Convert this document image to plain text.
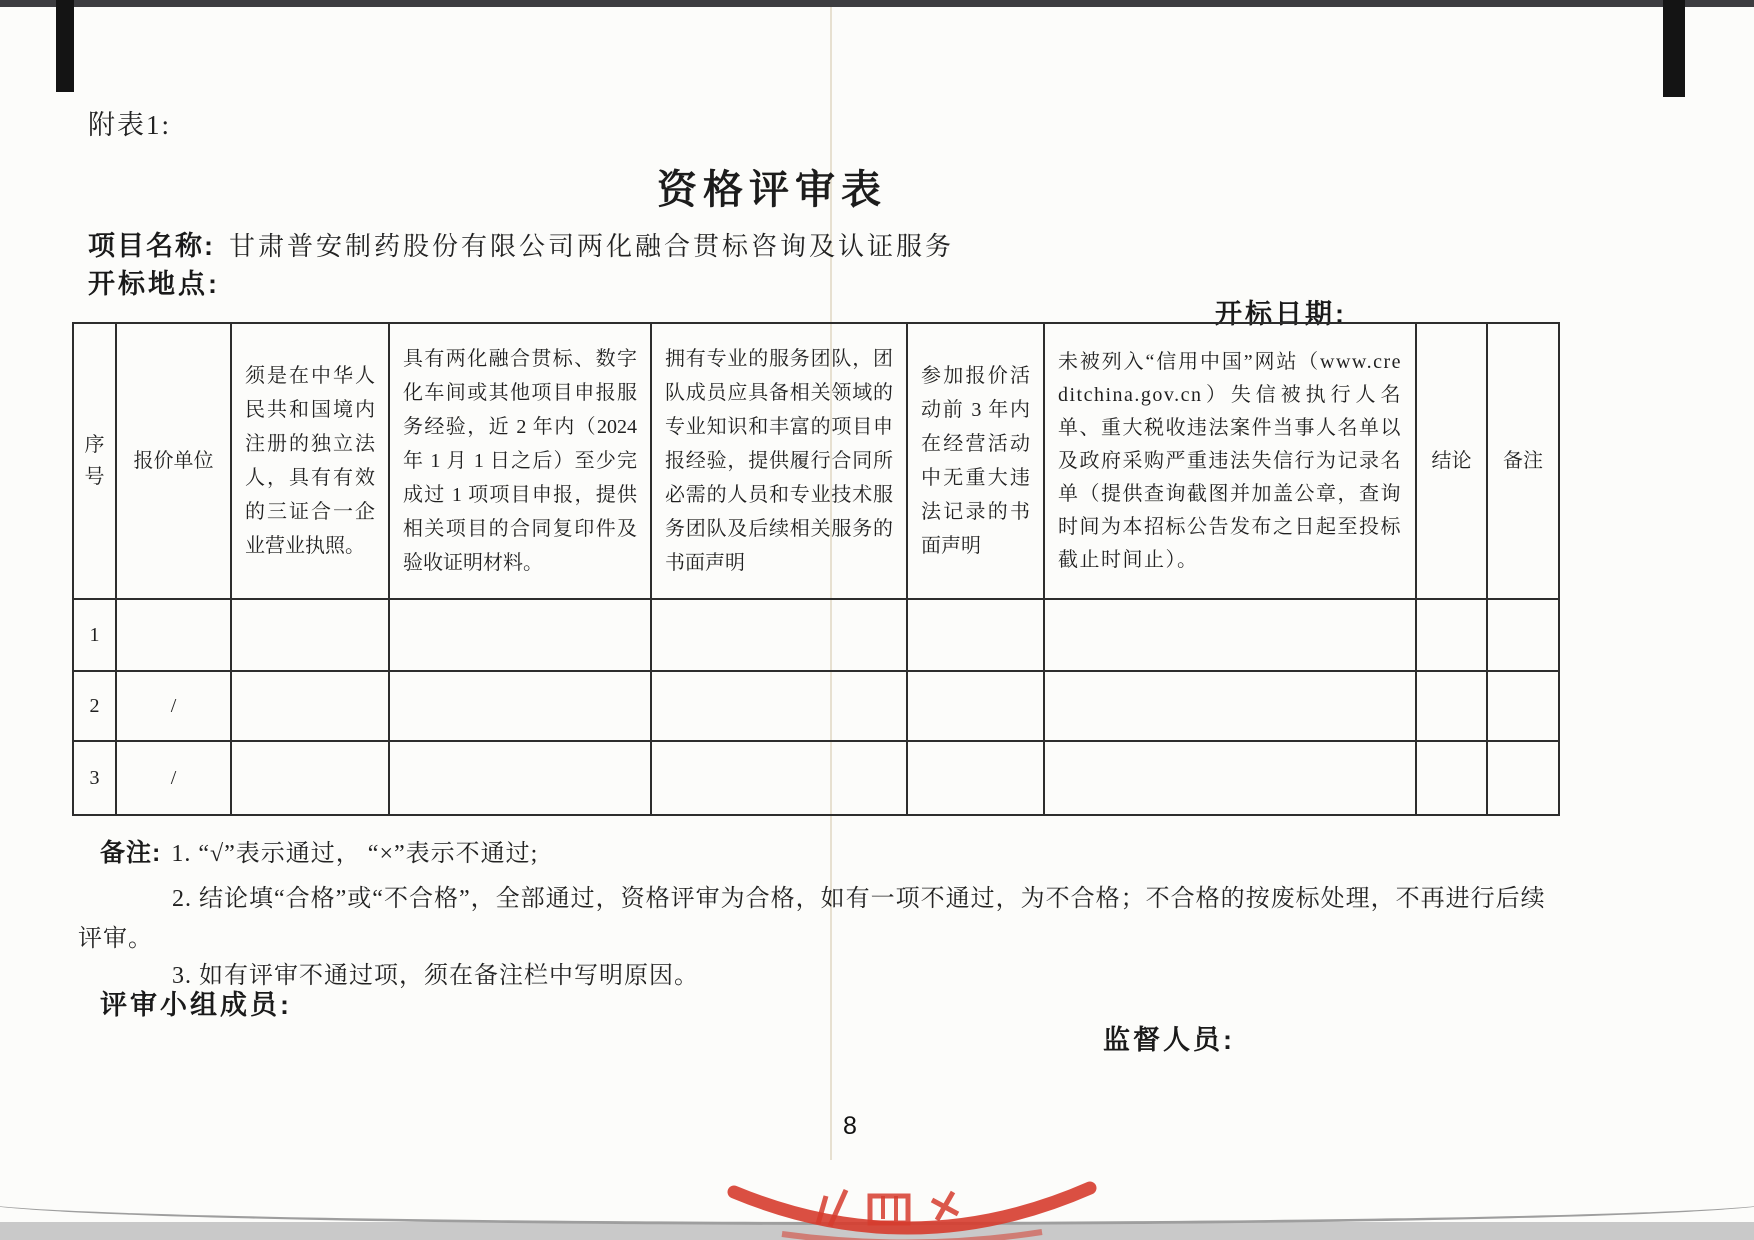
附表1:
资格评审表
项目名称: 甘肃普安制药股份有限公司两化融合贯标咨询及认证服务
开标地点:
开标日期:
序号	报价单位	须是在中华人民共和国境内注册的独立法人，具有有效的三证合一企业营业执照。	具有两化融合贯标、数字化车间或其他项目申报服务经验，近 2 年内（2024 年 1 月 1 日之后）至少完成过 1 项项目申报，提供相关项目的合同复印件及验收证明材料。	拥有专业的服务团队，团队成员应具备相关领域的专业知识和丰富的项目申报经验，提供履行合同所必需的人员和专业技术服务团队及后续相关服务的书面声明	参加报价活动前 3 年内在经营活动中无重大违法记录的书面声明	未被列入“信用中国”网站（www.creditchina.gov.cn）失信被执行人名单、重大税收违法案件当事人名单以及政府采购严重违法失信行为记录名单（提供查询截图并加盖公章，查询时间为本招标公告发布之日起至投标截止时间止）。	结论	备注
1								
2	/							
3	/							
备注: 1. “√”表示通过， “×”表示不通过;
2. 结论填“合格”或“不合格”，全部通过，资格评审为合格，如有一项不通过，为不合格；不合格的按废标处理，不再进行后续
评审。
3. 如有评审不通过项，须在备注栏中写明原因。
评审小组成员:
监督人员:
8
